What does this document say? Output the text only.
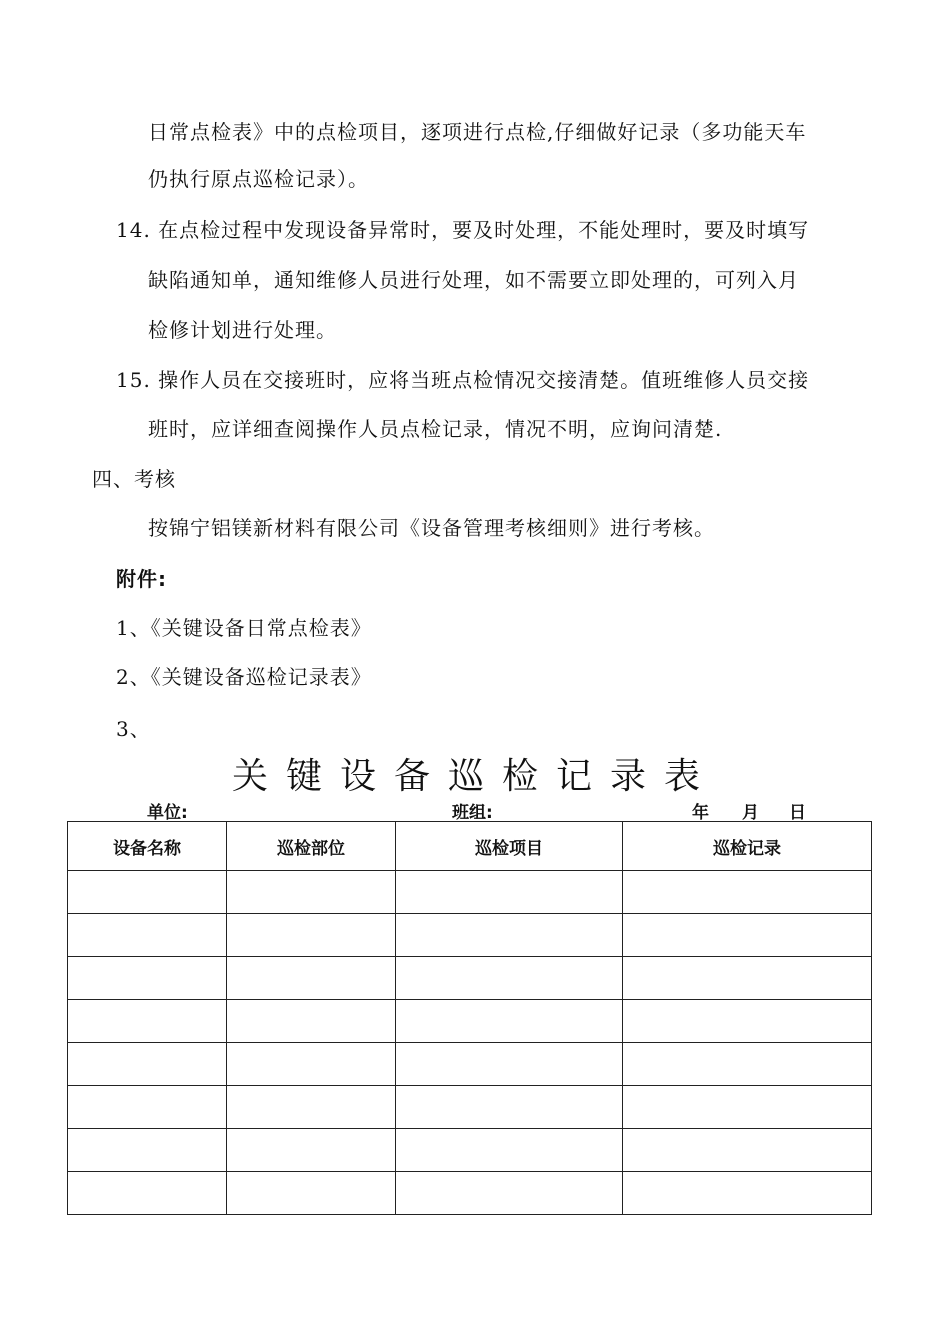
日常点检表》中的点检项目，逐项进行点检,仔细做好记录（多功能天车
仍执行原点巡检记录）。
14. 在点检过程中发现设备异常时，要及时处理，不能处理时，要及时填写
缺陷通知单，通知维修人员进行处理，如不需要立即处理的，可列入月
检修计划进行处理。
15. 操作人员在交接班时，应将当班点检情况交接清楚。值班维修人员交接
班时，应详细查阅操作人员点检记录，情况不明，应询问清楚.
四、考核
按锦宁铝镁新材料有限公司《设备管理考核细则》进行考核。
附件:
1、《关键设备日常点检表》
2、《关键设备巡检记录表》
3、
关键设备巡检记录表
单位:	班组:	年 月 日
设备名称	巡检部位	巡检项目	巡检记录
